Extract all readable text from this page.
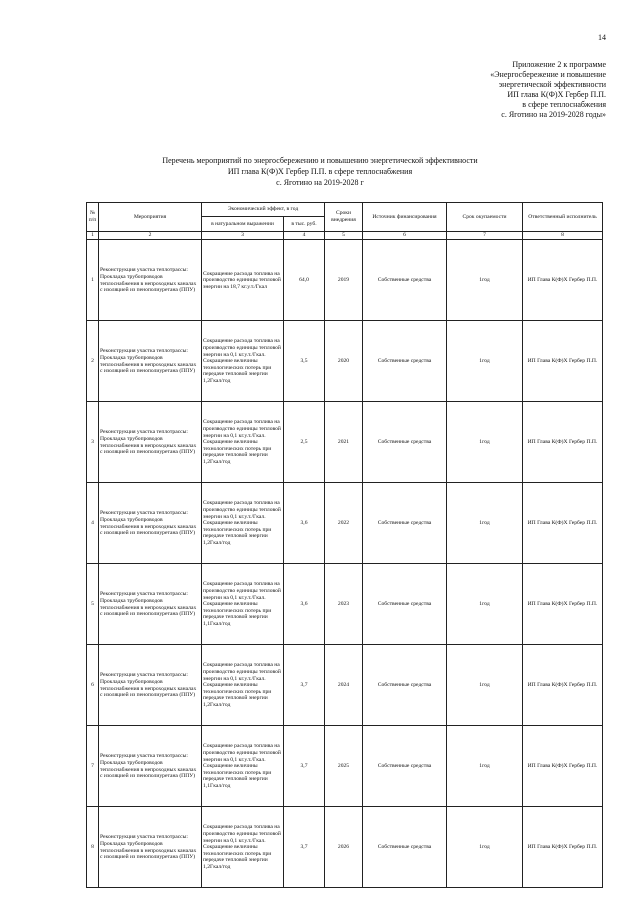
14
Приложение 2 к программе
«Энергосбережение и повышение
энергетической эффективности
ИП глава К(Ф)Х Гербер П.П.
в сфере теплоснабжения
с. Яготино на 2019-2028 годы»
Перечень мероприятий по энергосбережению и повышению энергетической эффективности
ИП глава К(Ф)Х Гербер П.П. в сфере теплоснабжения
с. Яготино на 2019-2028 г
№ п/п	Мероприятия	Экономический эффект, в год		Сроки внедрения	Источник финансирования	Срок окупаемости	Ответственный исполнитель
		в натуральном выражении	в тыс. руб.				
1	2	3	4	5	6	7	8
1	Реконструкция участка теплотрассы: Прокладка трубопроводов теплоснабжения в непроходных каналах с изоляцией из пенополиуретана (ППУ)	Сокращение расхода топлива на производство единицы тепловой энергии на 18,7 кг.у.т./Гкал	64,0	2019	Собственные средства	1год	ИП Глава К(Ф)Х Гербер П.П.
2	Реконструкция участка теплотрассы: Прокладка трубопроводов теплоснабжения в непроходных каналах с изоляцией из пенополиуретана (ППУ)	Сокращение расхода топлива на производство единицы тепловой энергии на 0,1 кг.у.т./Гкал. Сокращение величины технологических потерь при передаче тепловой энергии 1,2Гкал/год	3,5	2020	Собственные средства	1год	ИП Глава К(Ф)Х Гербер П.П.
3	Реконструкция участка теплотрассы: Прокладка трубопроводов теплоснабжения в непроходных каналах с изоляцией из пенополиуретана (ППУ)	Сокращение расхода топлива на производство единицы тепловой энергии на 0,1 кг.у.т./Гкал. Сокращение величины технологических потерь при передаче тепловой энергии 1,2Гкал/год	2,5	2021	Собственные средства	1год	ИП Глава К(Ф)Х Гербер П.П.
4	Реконструкция участка теплотрассы: Прокладка трубопроводов теплоснабжения в непроходных каналах с изоляцией из пенополиуретана (ППУ)	Сокращение расхода топлива на производство единицы тепловой энергии на 0,1 кг.у.т./Гкал. Сокращение величины технологических потерь при передаче тепловой энергии 1,2Гкал/год	3,6	2022	Собственные средства	1год	ИП Глава К(Ф)Х Гербер П.П.
5	Реконструкция участка теплотрассы: Прокладка трубопроводов теплоснабжения в непроходных каналах с изоляцией из пенополиуретана (ППУ)	Сокращение расхода топлива на производство единицы тепловой энергии на 0,1 кг.у.т./Гкал. Сокращение величины технологических потерь при передаче тепловой энергии 1,1Гкал/год	3,6	2023	Собственные средства	1год	ИП Глава К(Ф)Х Гербер П.П.
6	Реконструкция участка теплотрассы: Прокладка трубопроводов теплоснабжения в непроходных каналах с изоляцией из пенополиуретана (ППУ)	Сокращение расхода топлива на производство единицы тепловой энергии на 0,1 кг.у.т./Гкал. Сокращение величины технологических потерь при передаче тепловой энергии 1,2Гкал/год	3,7	2024	Собственные средства	1год	ИП Глава К(Ф)Х Гербер П.П.
7	Реконструкция участка теплотрассы: Прокладка трубопроводов теплоснабжения в непроходных каналах с изоляцией из пенополиуретана (ППУ)	Сокращение расхода топлива на производство единицы тепловой энергии на 0,1 кг.у.т./Гкал. Сокращение величины технологических потерь при передаче тепловой энергии 1,1Гкал/год	3,7	2025	Собственные средства	1год	ИП Глава К(Ф)Х Гербер П.П.
8	Реконструкция участка теплотрассы: Прокладка трубопроводов теплоснабжения в непроходных каналах с изоляцией из пенополиуретана (ППУ)	Сокращение расхода топлива на производство единицы тепловой энергии на 0,1 кг.у.т./Гкал. Сокращение величины технологических потерь при передаче тепловой энергии 1,2Гкал/год	3,7	2026	Собственные средства	1год	ИП Глава К(Ф)Х Гербер П.П.
